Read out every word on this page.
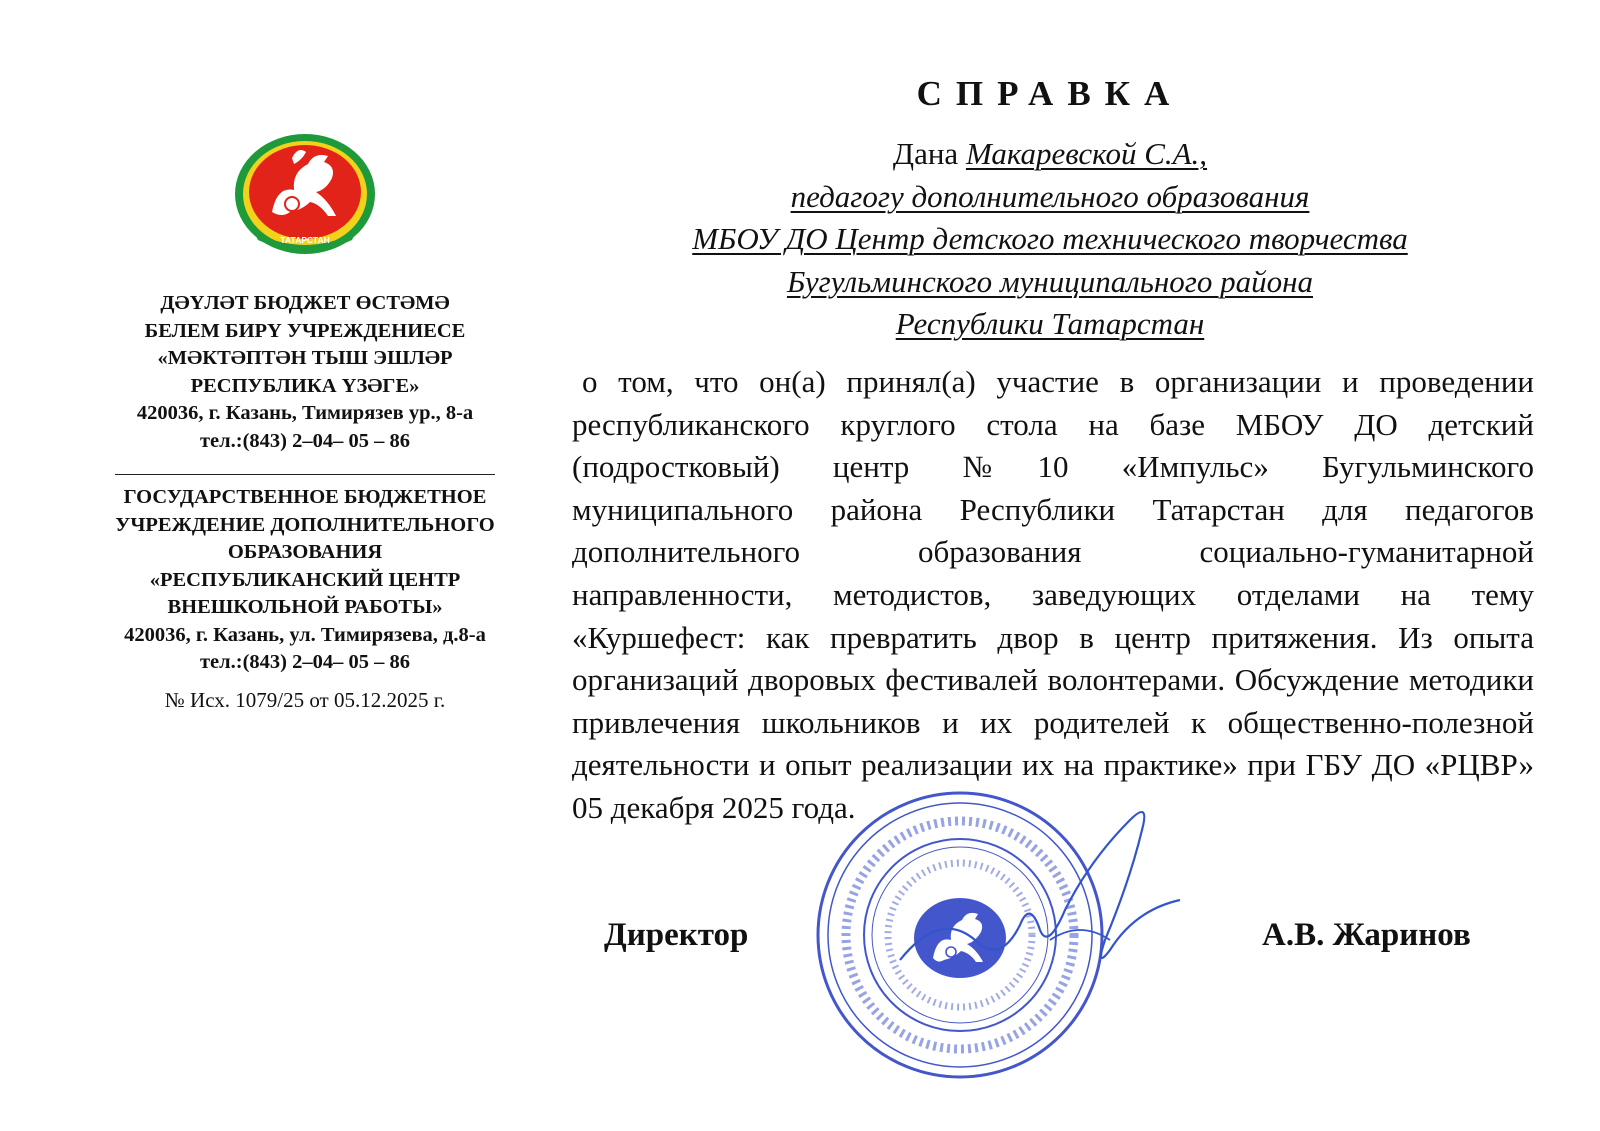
ТАТАРСТАН
ДӘҮЛӘТ БЮДЖЕТ ӨСТӘМӘ
БЕЛЕМ БИРҮ УЧРЕЖДЕНИЕСЕ
«МӘКТӘПТӘН ТЫШ ЭШЛӘР
РЕСПУБЛИКА ҮЗӘГЕ»
420036, г. Казань, Тимирязев ур., 8-а
тел.:(843) 2–04– 05 – 86
ГОСУДАРСТВЕННОЕ БЮДЖЕТНОЕ
УЧРЕЖДЕНИЕ ДОПОЛНИТЕЛЬНОГО
ОБРАЗОВАНИЯ
«РЕСПУБЛИКАНСКИЙ ЦЕНТР
ВНЕШКОЛЬНОЙ РАБОТЫ»
420036, г. Казань, ул. Тимирязева, д.8-а
тел.:(843) 2–04– 05 – 86
№ Исх. 1079/25 от 05.12.2025 г.
СПРАВКА
Дана Макаревской С.А.,
педагогу дополнительного образования
МБОУ ДО Центр детского технического творчества
Бугульминского муниципального района
Республики Татарстан

о том, что он(а) принял(а) участие в организации и проведении республиканского круглого стола на базе МБОУ ДО детский (подростковый) центр №10 «Импульс» Бугульминского муниципального района Республики Татарстан для педагогов дополнительного образования социально-гуманитарной направленности, методистов, заведующих отделами на тему «Куршефест: как превратить двор в центр притяжения. Из опыта организаций дворовых фестивалей волонтерами. Обсуждение методики привлечения школьников и их родителей к общественно-полезной деятельности и опыт реализации их на практике» при ГБУ ДО «РЦВР» 05 декабря 2025 года.

Директор	А.В. Жаринов
